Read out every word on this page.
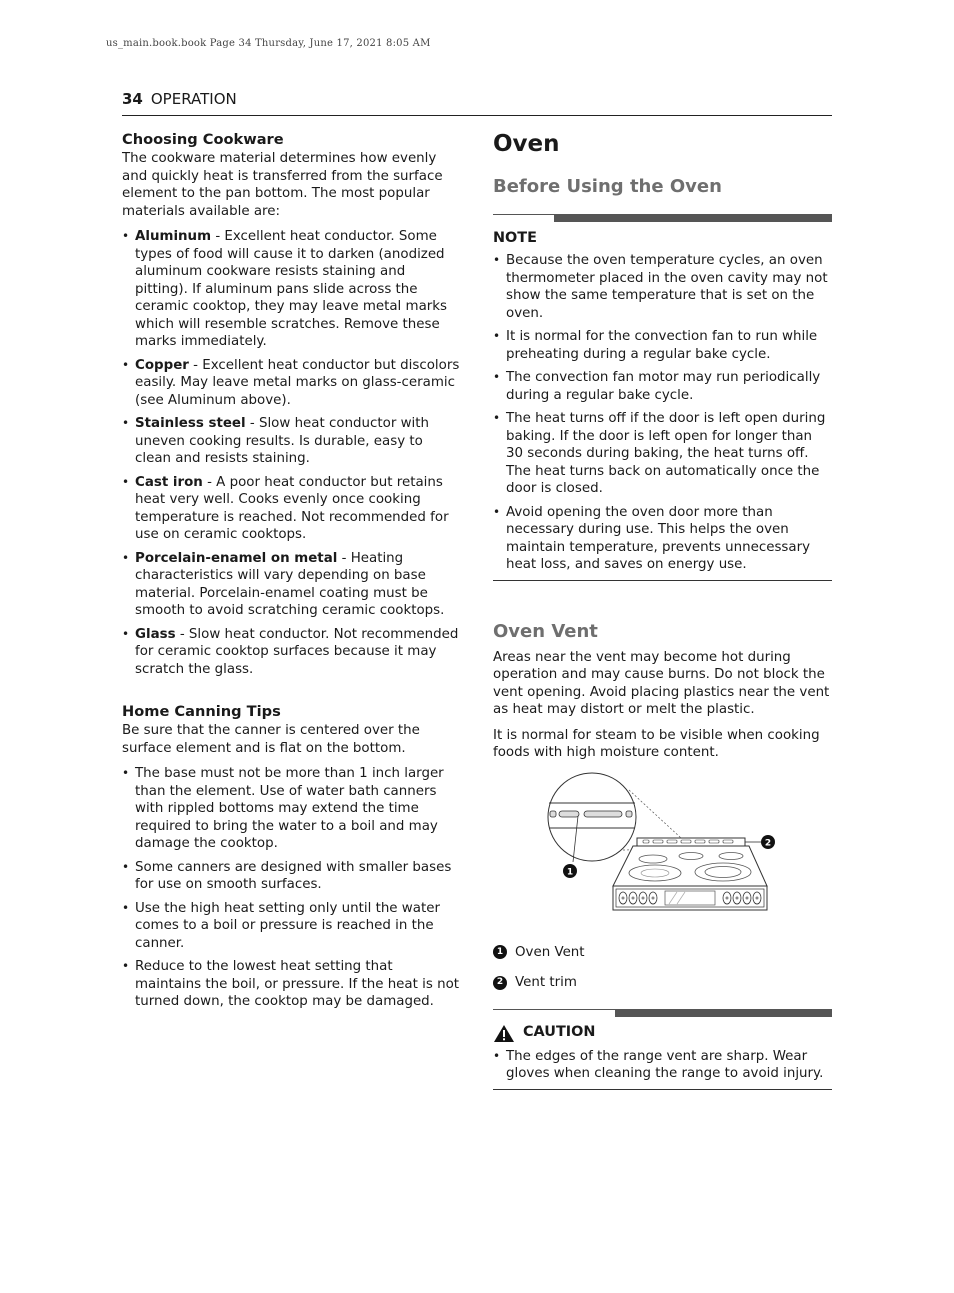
us_main.book.book Page 34 Thursday, June 17, 2021 8:05 AM
34 OPERATION
Choosing Cookware

The cookware material determines how evenly and quickly heat is transferred from the surface element to the pan bottom. The most popular materials available are:

• Aluminum - Excellent heat conductor. Some types of food will cause it to darken (anodized aluminum cookware resists staining and pitting). If aluminum pans slide across the ceramic cooktop, they may leave metal marks which will resemble scratches. Remove these marks immediately.
• Copper - Excellent heat conductor but discolors easily. May leave metal marks on glass-ceramic (see Aluminum above).
• Stainless steel - Slow heat conductor with uneven cooking results. Is durable, easy to clean and resists staining.
• Cast iron - A poor heat conductor but retains heat very well. Cooks evenly once cooking temperature is reached. Not recommended for use on ceramic cooktops.
• Porcelain-enamel on metal - Heating characteristics will vary depending on base material. Porcelain-enamel coating must be smooth to avoid scratching ceramic cooktops.
• Glass - Slow heat conductor. Not recommended for ceramic cooktop surfaces because it may scratch the glass.
Home Canning Tips

Be sure that the canner is centered over the surface element and is flat on the bottom.

• The base must not be more than 1 inch larger than the element. Use of water bath canners with rippled bottoms may extend the time required to bring the water to a boil and may damage the cooktop.
• Some canners are designed with smaller bases for use on smooth surfaces.
• Use the high heat setting only until the water comes to a boil or pressure is reached in the canner.
• Reduce to the lowest heat setting that maintains the boil, or pressure. If the heat is not turned down, the cooktop may be damaged.
Oven
Before Using the Oven
NOTE
• Because the oven temperature cycles, an oven thermometer placed in the oven cavity may not show the same temperature that is set on the oven.
• It is normal for the convection fan to run while preheating during a regular bake cycle.
• The convection fan motor may run periodically during a regular bake cycle.
• The heat turns off if the door is left open during baking. If the door is left open for longer than 30 seconds during baking, the heat turns off. The heat turns back on automatically once the door is closed.
• Avoid opening the oven door more than necessary during use. This helps the oven maintain temperature, prevents unnecessary heat loss, and saves on energy use.
Oven Vent

Areas near the vent may become hot during operation and may cause burns. Do not block the vent opening. Avoid placing plastics near the vent as heat may distort or melt the plastic.

It is normal for steam to be visible when cooking foods with high moisture content.

1
2
1 Oven Vent
2 Vent trim
CAUTION
• The edges of the range vent are sharp. Wear gloves when cleaning the range to avoid injury.
